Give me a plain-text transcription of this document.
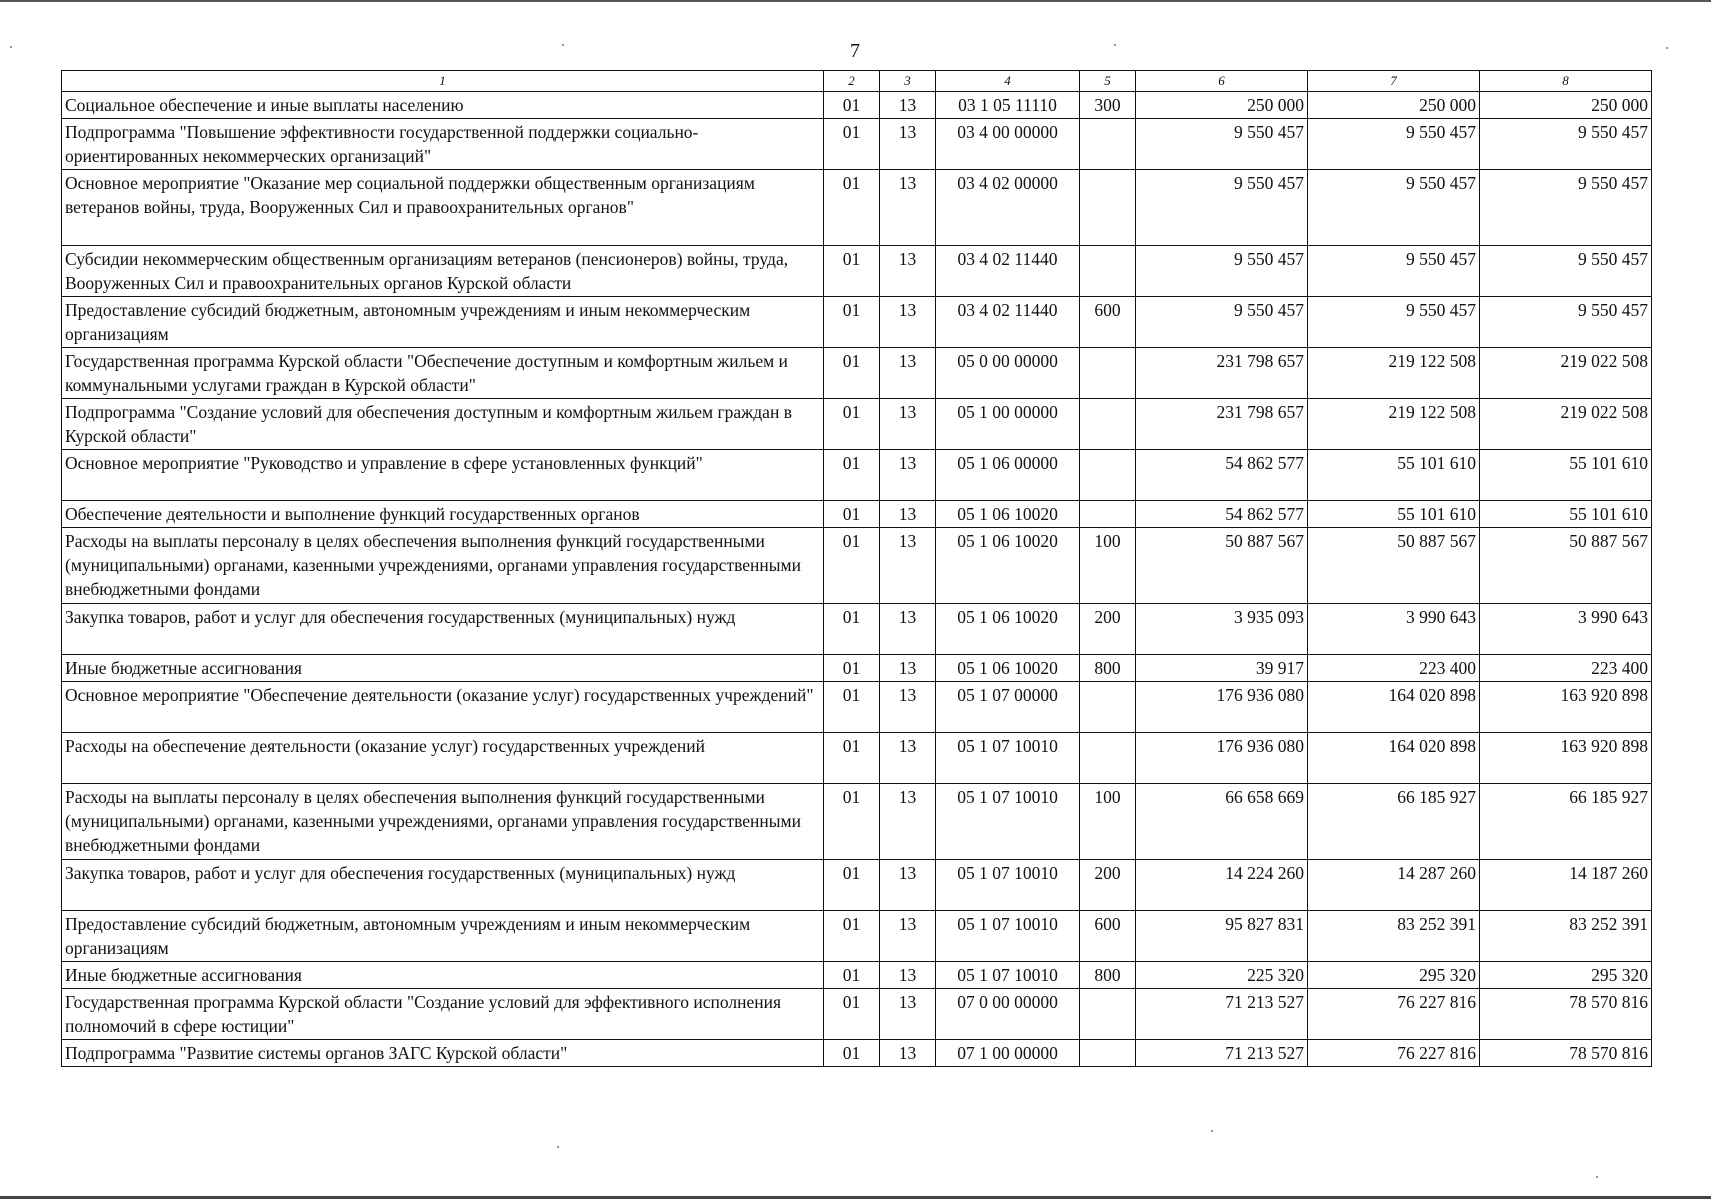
7
1	2	3	4	5	6	7	8
Социальное обеспечение и иные выплаты населению	01	13	03 1 05 11110	300	250 000	250 000	250 000
Подпрограмма "Повышение эффективности государственной поддержки социально-ориентированных некоммерческих организаций"	01	13	03 4 00 00000		9 550 457	9 550 457	9 550 457
Основное мероприятие "Оказание мер социальной поддержки общественным организациям ветеранов войны, труда, Вооруженных Сил и правоохранительных органов"	01	13	03 4 02 00000		9 550 457	9 550 457	9 550 457
Субсидии некоммерческим общественным организациям ветеранов (пенсионеров) войны, труда, Вооруженных Сил и правоохранительных органов Курской области	01	13	03 4 02 11440		9 550 457	9 550 457	9 550 457
Предоставление субсидий бюджетным, автономным учреждениям и иным некоммерческим организациям	01	13	03 4 02 11440	600	9 550 457	9 550 457	9 550 457
Государственная программа Курской области "Обеспечение доступным и комфортным жильем и коммунальными услугами граждан в Курской области"	01	13	05 0 00 00000		231 798 657	219 122 508	219 022 508
Подпрограмма "Создание условий для обеспечения доступным и комфортным жильем граждан в Курской области"	01	13	05 1 00 00000		231 798 657	219 122 508	219 022 508
Основное мероприятие "Руководство и управление в сфере установленных функций"	01	13	05 1 06 00000		54 862 577	55 101 610	55 101 610
Обеспечение деятельности и выполнение функций государственных органов	01	13	05 1 06 10020		54 862 577	55 101 610	55 101 610
Расходы на выплаты персоналу в целях обеспечения выполнения функций государственными (муниципальными) органами, казенными учреждениями, органами управления государственными внебюджетными фондами	01	13	05 1 06 10020	100	50 887 567	50 887 567	50 887 567
Закупка товаров, работ и услуг для обеспечения государственных (муниципальных) нужд	01	13	05 1 06 10020	200	3 935 093	3 990 643	3 990 643
Иные бюджетные ассигнования	01	13	05 1 06 10020	800	39 917	223 400	223 400
Основное мероприятие "Обеспечение деятельности (оказание услуг) государственных учреждений"	01	13	05 1 07 00000		176 936 080	164 020 898	163 920 898
Расходы на обеспечение деятельности (оказание услуг) государственных учреждений	01	13	05 1 07 10010		176 936 080	164 020 898	163 920 898
Расходы на выплаты персоналу в целях обеспечения выполнения функций государственными (муниципальными) органами, казенными учреждениями, органами управления государственными внебюджетными фондами	01	13	05 1 07 10010	100	66 658 669	66 185 927	66 185 927
Закупка товаров, работ и услуг для обеспечения государственных (муниципальных) нужд	01	13	05 1 07 10010	200	14 224 260	14 287 260	14 187 260
Предоставление субсидий бюджетным, автономным учреждениям и иным некоммерческим организациям	01	13	05 1 07 10010	600	95 827 831	83 252 391	83 252 391
Иные бюджетные ассигнования	01	13	05 1 07 10010	800	225 320	295 320	295 320
Государственная программа Курской области "Создание условий для эффективного исполнения полномочий в сфере юстиции"	01	13	07 0 00 00000		71 213 527	76 227 816	78 570 816
Подпрограмма "Развитие системы органов ЗАГС Курской области"	01	13	07 1 00 00000		71 213 527	76 227 816	78 570 816
